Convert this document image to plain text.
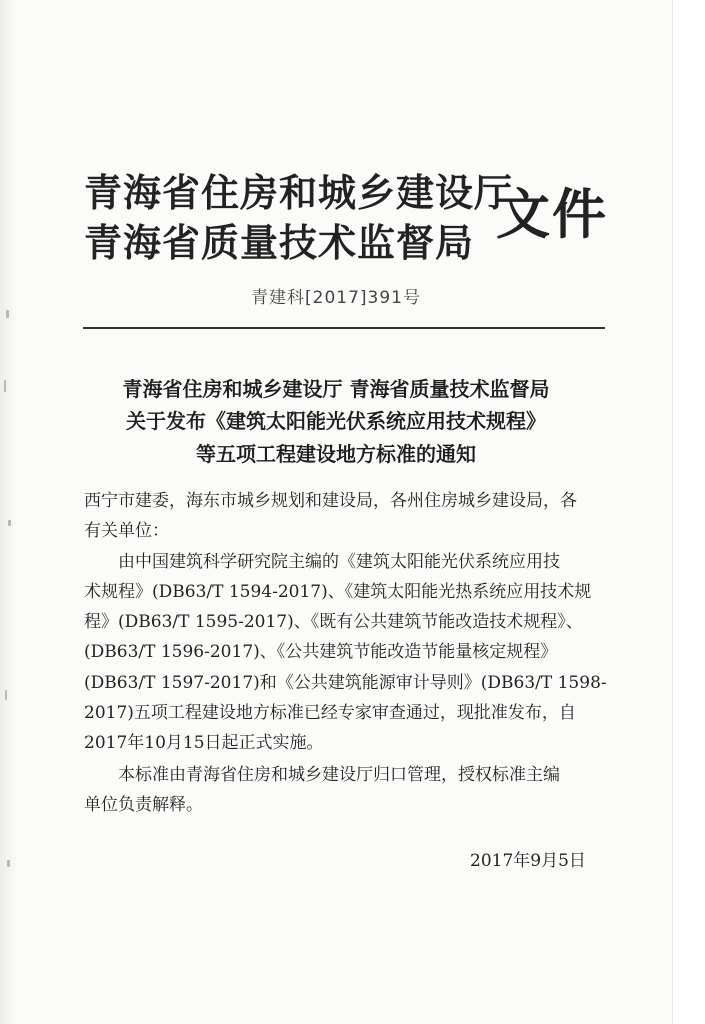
青海省住房和城乡建设厅
青海省质量技术监督局 文件
青建科[2017]391号
青海省住房和城乡建设厅 青海省质量技术监督局
关于发布《建筑太阳能光伏系统应用技术规程》
等五项工程建设地方标准的通知
西宁市建委，海东市城乡规划和建设局，各州住房城乡建设局，各
有关单位：
由中国建筑科学研究院主编的《建筑太阳能光伏系统应用技
术规程》(DB63/T 1594-2017)、《建筑太阳能光热系统应用技术规
程》(DB63/T 1595-2017)、《既有公共建筑节能改造技术规程》、
(DB63/T 1596-2017)、《公共建筑节能改造节能量核定规程》
(DB63/T 1597-2017)和《公共建筑能源审计导则》(DB63/T 1598-
2017)五项工程建设地方标准已经专家审查通过，现批准发布，自
2017年10月15日起正式实施。
本标准由青海省住房和城乡建设厅归口管理，授权标准主编
单位负责解释。
2017年9月5日
